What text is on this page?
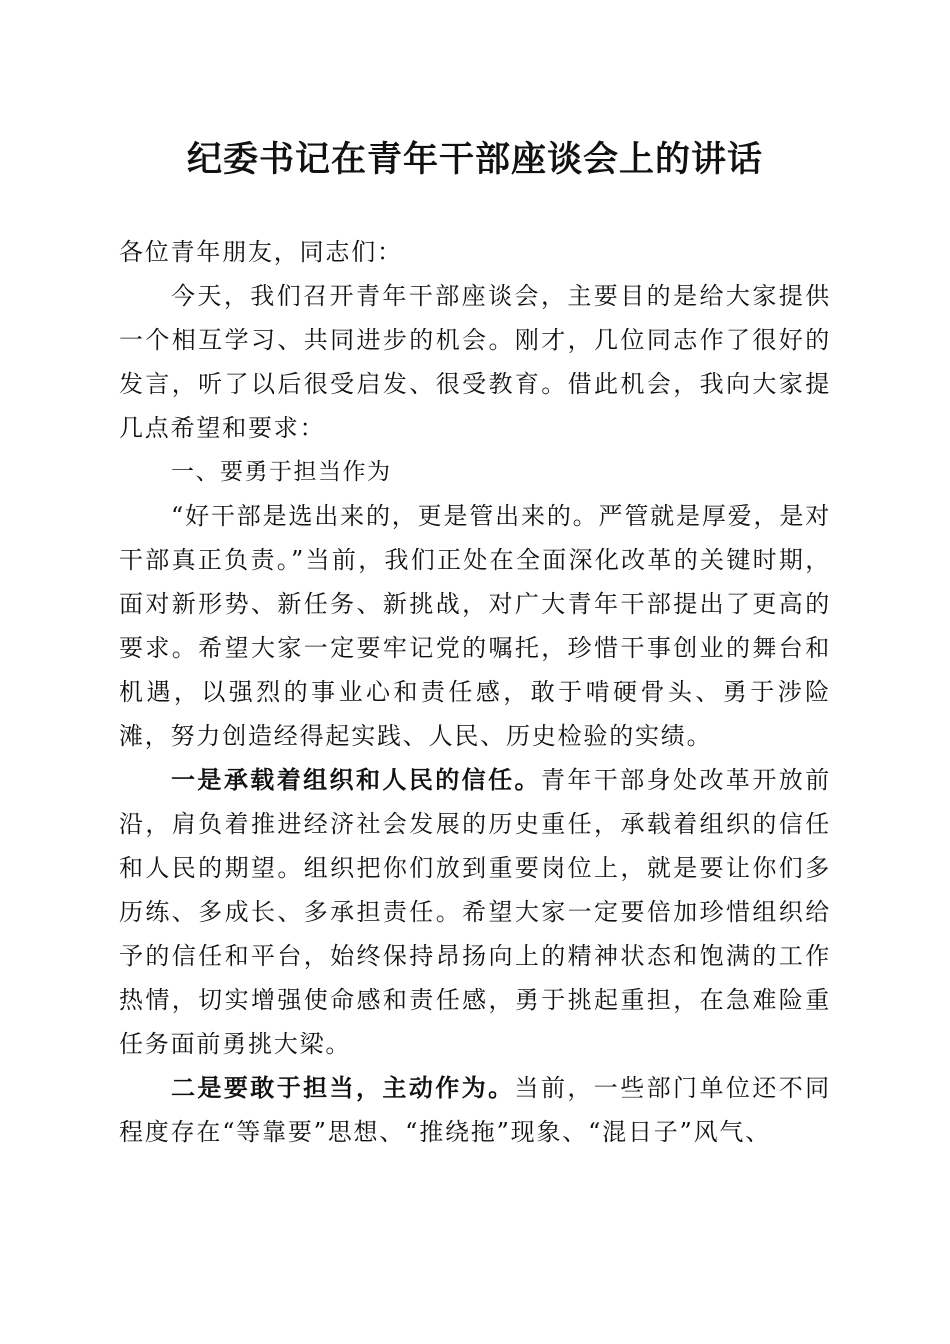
纪委书记在青年干部座谈会上的讲话

各位青年朋友，同志们：

今天，我们召开青年干部座谈会，主要目的是给大家提供一个相互学习、共同进步的机会。刚才，几位同志作了很好的发言，听了以后很受启发、很受教育。借此机会，我向大家提几点希望和要求：

一、要勇于担当作为

“好干部是选出来的，更是管出来的。严管就是厚爱，是对干部真正负责。”当前，我们正处在全面深化改革的关键时期，面对新形势、新任务、新挑战，对广大青年干部提出了更高的要求。希望大家一定要牢记党的嘱托，珍惜干事创业的舞台和机遇，以强烈的事业心和责任感，敢于啃硬骨头、勇于涉险滩，努力创造经得起实践、人民、历史检验的实绩。

一是承载着组织和人民的信任。青年干部身处改革开放前沿，肩负着推进经济社会发展的历史重任，承载着组织的信任和人民的期望。组织把你们放到重要岗位上，就是要让你们多历练、多成长、多承担责任。希望大家一定要倍加珍惜组织给予的信任和平台，始终保持昂扬向上的精神状态和饱满的工作热情，切实增强使命感和责任感，勇于挑起重担，在急难险重任务面前勇挑大梁。

二是要敢于担当，主动作为。当前，一些部门单位还不同程度存在“等靠要”思想、“推绕拖”现象、“混日子”风气、
